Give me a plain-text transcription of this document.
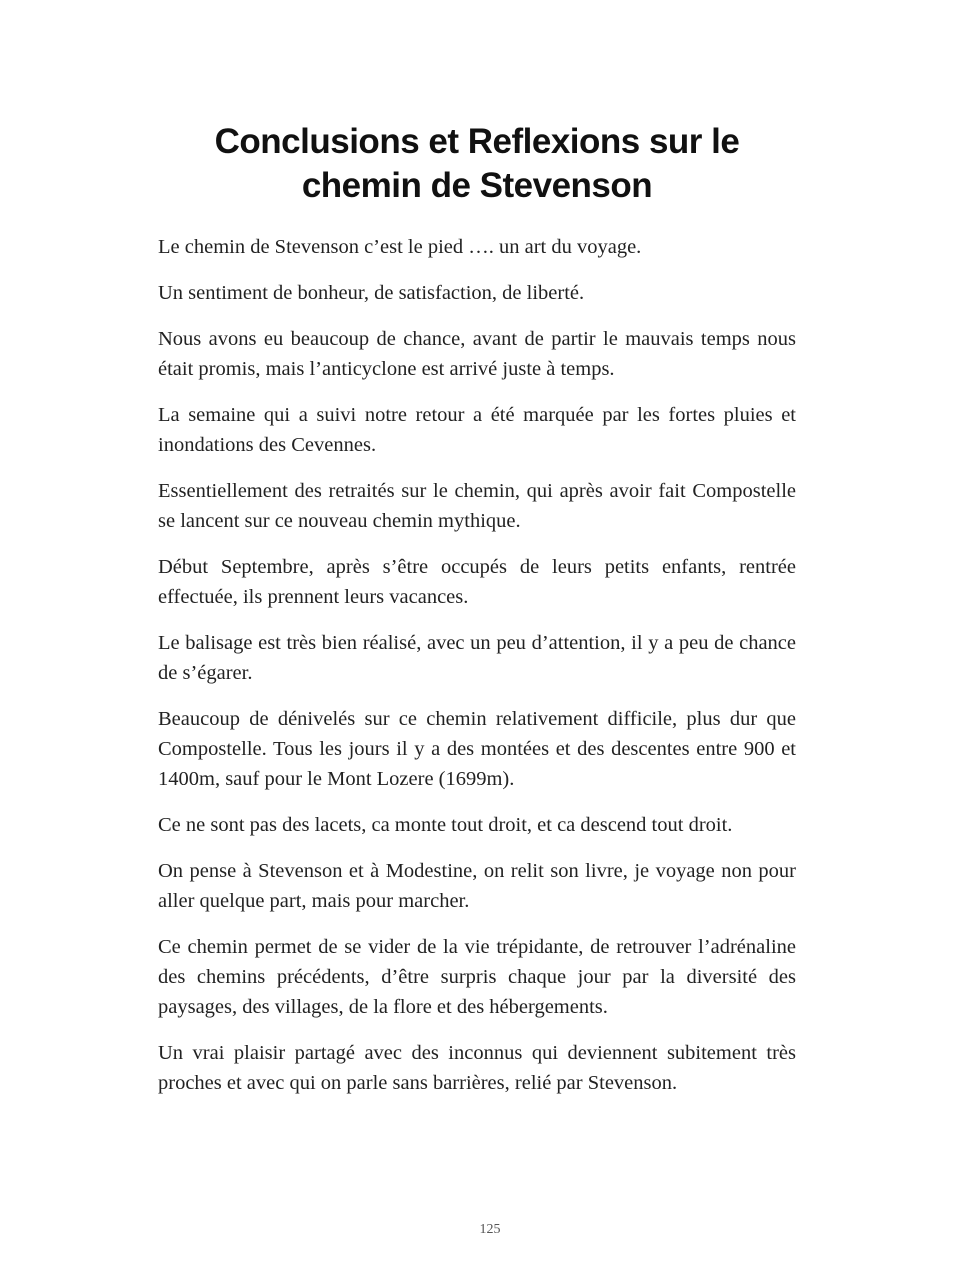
Conclusions et Reflexions sur le
chemin de Stevenson

Le chemin de Stevenson c’est le pied …. un art du voyage.

Un sentiment de bonheur, de satisfaction, de liberté.

Nous avons eu beaucoup de chance, avant de partir le mauvais temps nous était promis, mais l’anticyclone est arrivé juste à temps.

La semaine qui a suivi notre retour a été marquée par les fortes pluies et inondations des Cevennes.

Essentiellement des retraités sur le chemin, qui après avoir fait Compostelle se lancent sur ce nouveau chemin mythique.

Début Septembre, après s’être occupés de leurs petits enfants, rentrée effectuée, ils prennent leurs vacances.

Le balisage est très bien réalisé, avec un peu d’attention, il y a peu de chance de s’égarer.

Beaucoup de dénivelés sur ce chemin relativement difficile, plus dur que Compostelle. Tous les jours il y a des montées et des descentes entre 900 et 1400m, sauf pour le Mont Lozere (1699m).

Ce ne sont pas des lacets, ca monte tout droit, et ca descend tout droit.

On pense à Stevenson et à Modestine, on relit son livre, je voyage non pour aller quelque part, mais pour marcher.

Ce chemin permet de se vider de la vie trépidante, de retrouver l’adrénaline des chemins précédents, d’être surpris chaque jour par la diversité des paysages, des villages, de la flore et des hébergements.

Un vrai plaisir partagé avec des inconnus qui deviennent subitement très proches et avec qui on parle sans barrières, relié par Stevenson.

125
